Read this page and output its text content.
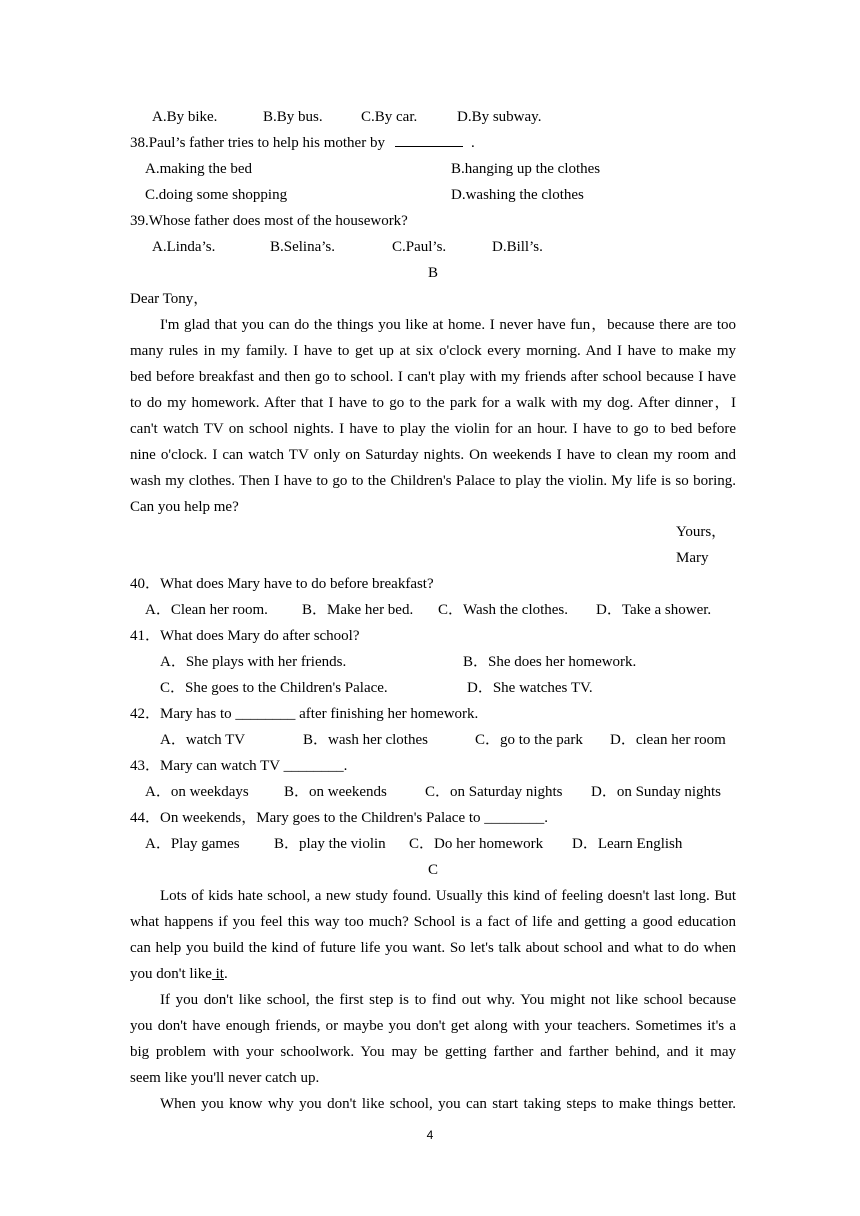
A.By bike.	B.By bus.	C.By car.	D.By subway.
38.Paul’s father tries to help his mother by	.
A.making the bed	B.hanging up the clothes
C.doing some shopping	D.washing the clothes
39.Whose father does most of the housework?
A.Linda’s.	B.Selina’s.	C.Paul’s.	D.Bill’s.
B
Dear Tony，
I'm glad that you can do the things you like at home. I never have fun，because there are too
many rules in my family. I have to get up at six o'clock every morning. And I have to make my
bed before breakfast and then go to school. I can't play with my friends after school because I have
to do my homework. After that I have to go to the park for a walk with my dog. After dinner，I
can't watch TV on school nights. I have to play the violin for an hour. I have to go to bed before
nine o'clock. I can watch TV only on Saturday nights. On weekends I have to clean my room and
wash my clothes. Then I have to go to the Children's Palace to play the violin. My life is so boring.
Can you help me?
Yours，
Mary
40．What does Mary have to do before breakfast?
A．Clean her room. B．Make her bed. C．Wash the clothes. D．Take a shower.
41．What does Mary do after school?
A．She plays with her friends.	B．She does her homework.
C．She goes to the Children's Palace.	D．She watches TV.
42．Mary has to ________ after finishing her homework.
A．watch TV	B．wash her clothes	C．go to the park D．clean her room
43．Mary can watch TV ________.
A．on weekdays B．on weekends	C．on Saturday nights D．on Sunday nights
44．On weekends，Mary goes to the Children's Palace to ________.
A．Play games B．play the violin C．Do her homework D．Learn English
C
Lots of kids hate school, a new study found. Usually this kind of feeling doesn't last long. But
what happens if you feel this way too much? School is a fact of life and getting a good education
can help you build the kind of future life you want. So let's talk about school and what to do when
you don't like it.
If you don't like school, the first step is to find out why. You might not like school because
you don't have enough friends, or maybe you don't get along with your teachers. Sometimes it's a
big problem with your schoolwork. You may be getting farther and farther behind, and it may
seem like you'll never catch up.
When you know why you don't like school, you can start taking steps to make things better.
4
